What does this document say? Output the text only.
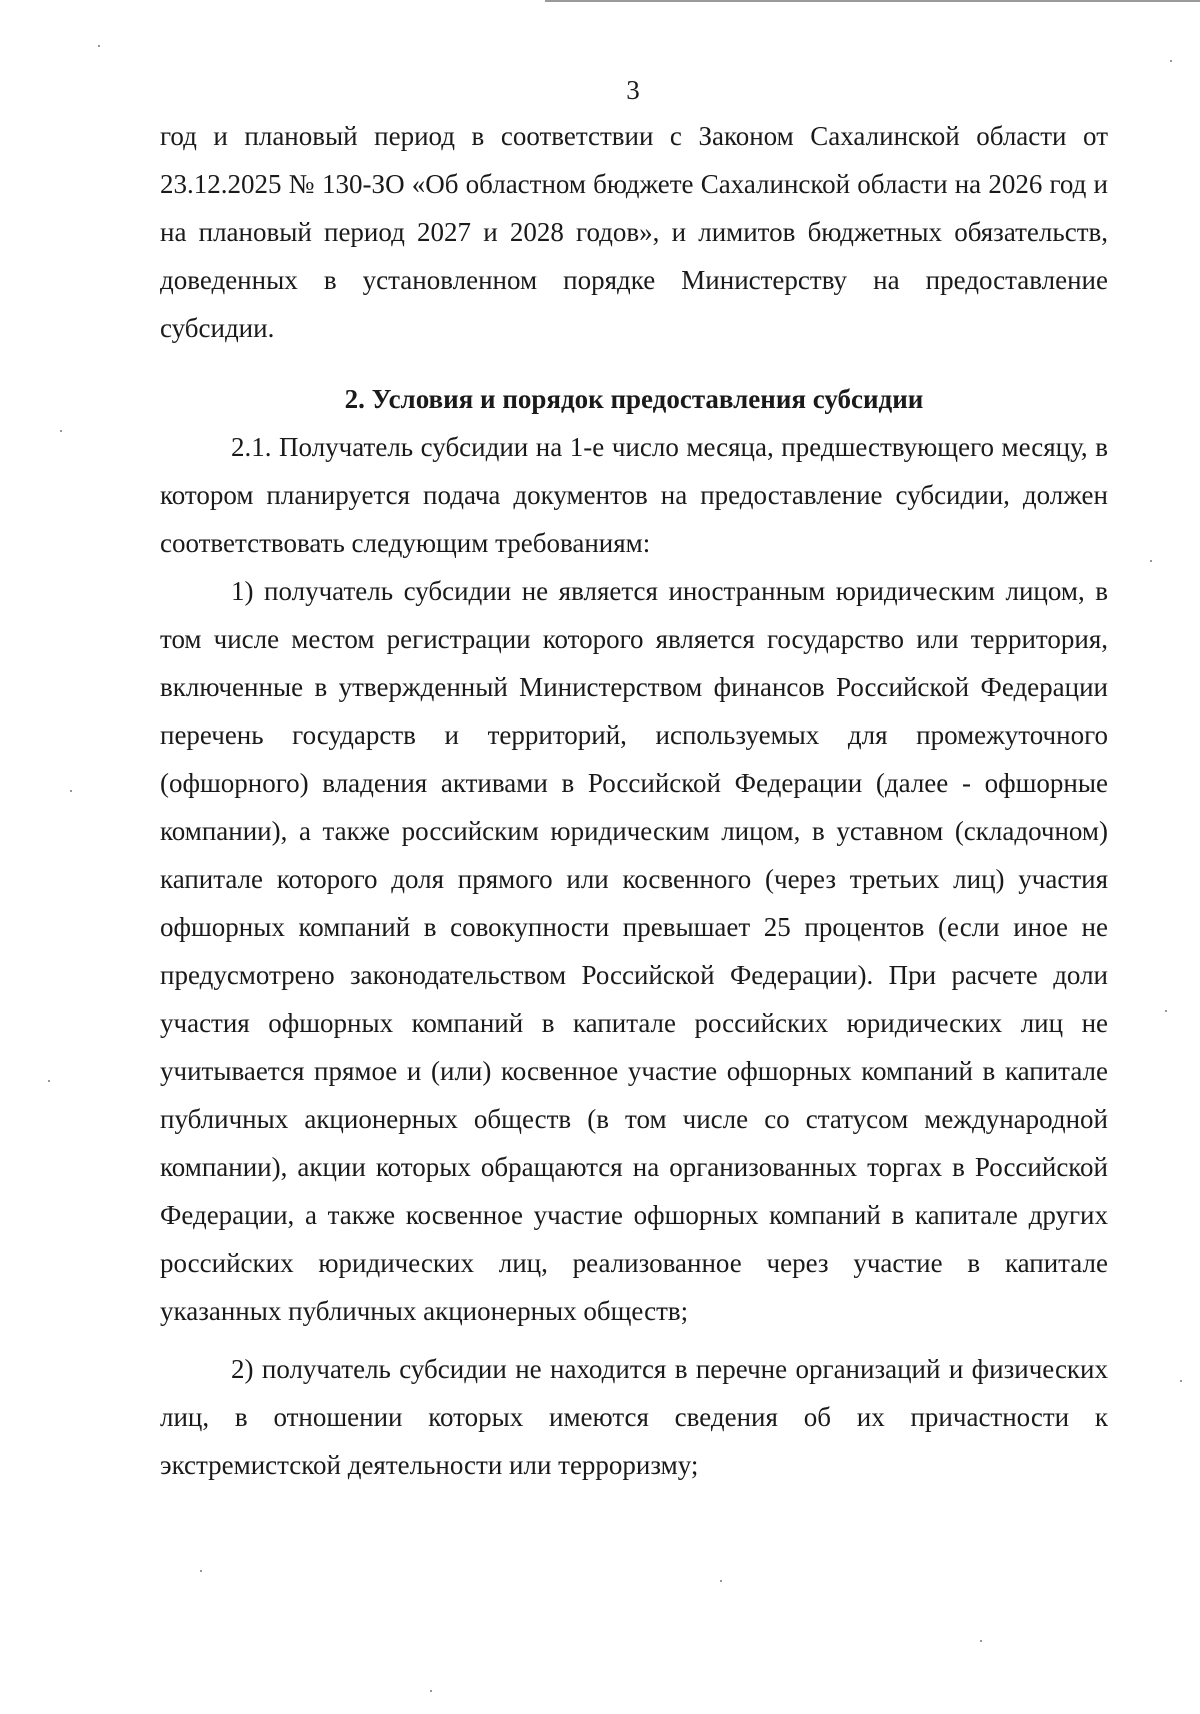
3

год и плановый период в соответствии с Законом Сахалинской области от 23.12.2025 № 130-ЗО «Об областном бюджете Сахалинской области на 2026 год и на плановый период 2027 и 2028 годов», и лимитов бюджетных обязательств, доведенных в установленном порядке Министерству на предоставление субсидии.

2. Условия и порядок предоставления субсидии

2.1. Получатель субсидии на 1-е число месяца, предшествующего месяцу, в котором планируется подача документов на предоставление субсидии, должен соответствовать следующим требованиям:

1) получатель субсидии не является иностранным юридическим лицом, в том числе местом регистрации которого является государство или территория, включенные в утвержденный Министерством финансов Российской Федерации перечень государств и территорий, используемых для промежуточного (офшорного) владения активами в Российской Федерации (далее - офшорные компании), а также российским юридическим лицом, в уставном (складочном) капитале которого доля прямого или косвенного (через третьих лиц) участия офшорных компаний в совокупности превышает 25 процентов (если иное не предусмотрено законодательством Российской Федерации). При расчете доли участия офшорных компаний в капитале российских юридических лиц не учитывается прямое и (или) косвенное участие офшорных компаний в капитале публичных акционерных обществ (в том числе со статусом международной компании), акции которых обращаются на организованных торгах в Российской Федерации, а также косвенное участие офшорных компаний в капитале других российских юридических лиц, реализованное через участие в капитале указанных публичных акционерных обществ;

2) получатель субсидии не находится в перечне организаций и физических лиц, в отношении которых имеются сведения об их причастности к экстремистской деятельности или терроризму;
